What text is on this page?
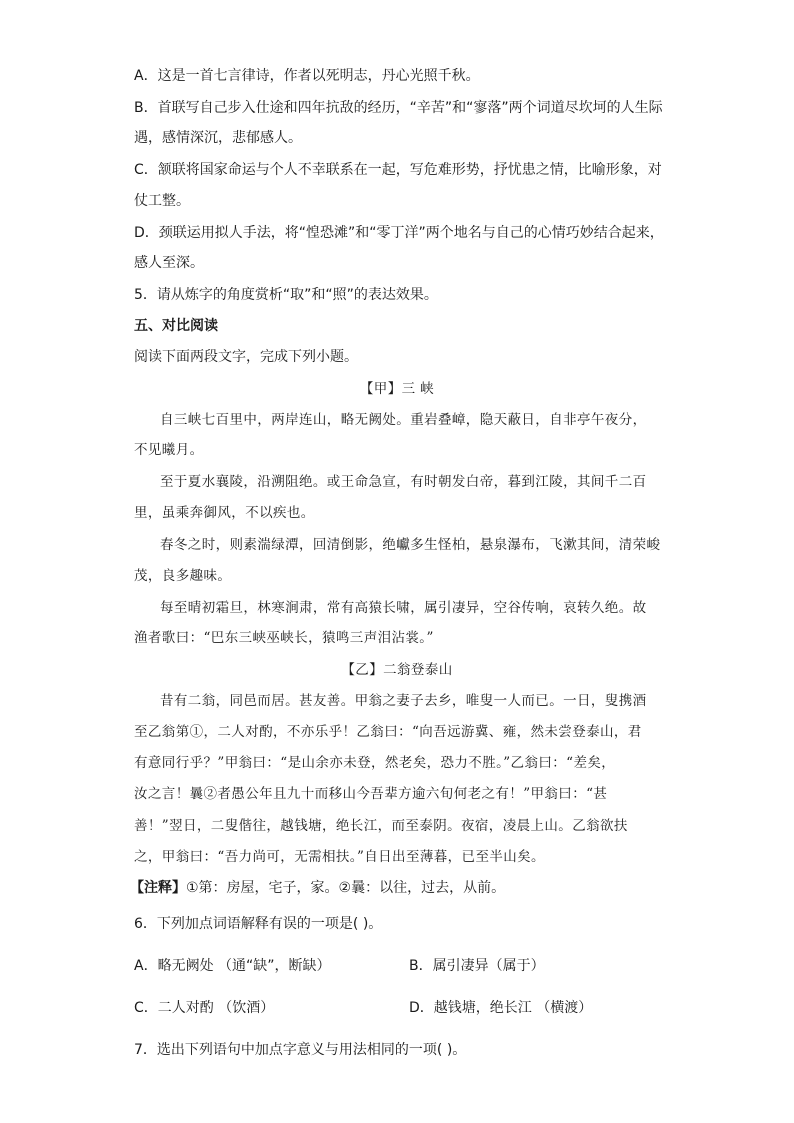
A．这是一首七言律诗，作者以死明志，丹心光照千秋。
B．首联写自己步入仕途和四年抗敌的经历，“辛苦”和“寥落”两个词道尽坎坷的人生际
遇，感情深沉，悲郁感人。
C．颔联将国家命运与个人不幸联系在一起，写危难形势，抒忧患之情，比喻形象，对
仗工整。
D．颈联运用拟人手法，将“惶恐滩”和“零丁洋”两个地名与自己的心情巧妙结合起来，
感人至深。
5．请从炼字的角度赏析“取”和“照”的表达效果。
五、对比阅读
阅读下面两段文字，完成下列小题。
【甲】三 峡
自三峡七百里中，两岸连山，略无阙处。重岩叠嶂，隐天蔽日，自非亭午夜分，
不见曦月。
至于夏水襄陵，沿溯阻绝。或王命急宣，有时朝发白帝，暮到江陵，其间千二百
里，虽乘奔御风，不以疾也。
春冬之时，则素湍绿潭，回清倒影，绝巘多生怪柏，悬泉瀑布，飞漱其间，清荣峻
茂，良多趣味。
每至晴初霜旦，林寒涧肃，常有高猿长啸，属引凄异，空谷传响，哀转久绝。故
渔者歌曰：“巴东三峡巫峡长，猿鸣三声泪沾裳。”
【乙】二翁登泰山
昔有二翁，同邑而居。甚友善。甲翁之妻子去乡，唯叟一人而已。一日，叟携酒
至乙翁第①，二人对酌，不亦乐乎！乙翁曰：“向吾远游冀、雍，然未尝登泰山，君
有意同行乎？”甲翁曰：“是山余亦未登，然老矣，恐力不胜。”乙翁曰：“差矣，
汝之言！曩②者愚公年且九十而移山今吾辈方逾六旬何老之有！”甲翁曰：“甚
善！”翌日，二叟偕往，越钱塘，绝长江，而至泰阴。夜宿，凌晨上山。乙翁欲扶
之，甲翁曰：“吾力尚可，无需相扶。”自日出至薄暮，已至半山矣。
【注释】①第：房屋，宅子，家。②曩：以往，过去，从前。
6．下列加点词语解释有误的一项是( )。
A．略无阙处 （通“缺”，断缺）	B．属引凄异（属于）
C．二人对酌 （饮酒）	D．越钱塘，绝长江 （横渡）
7．选出下列语句中加点字意义与用法相同的一项( )。
